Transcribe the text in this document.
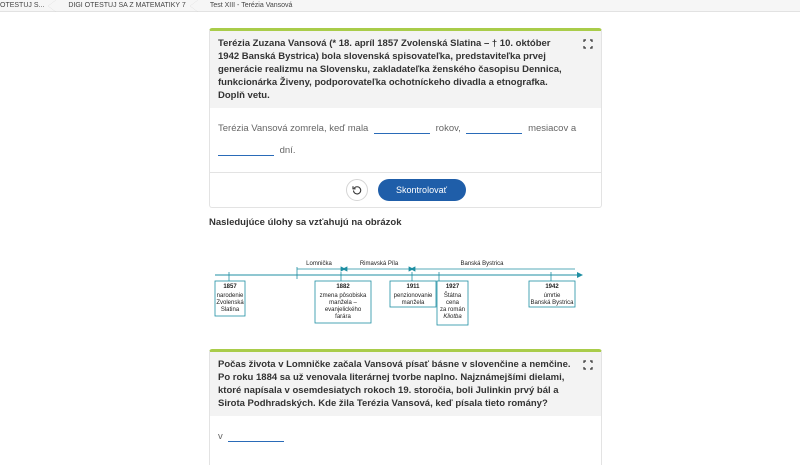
OTESTUJ S...	DIGI OTESTUJ SA Z MATEMATIKY 7	Test XIII - Terézia Vansová
Terézia Zuzana Vansová (* 18. apríl 1857 Zvolenská Slatina – † 10. október 1942 Banská Bystrica) bola slovenská spisovateľka, predstaviteľka prvej generácie realizmu na Slovensku, zakladateľka ženského časopisu Dennica, funkcionárka Živeny, podporovateľka ochotníckeho divadla a etnografka. Doplň vetu.
Terézia Vansová zomrela, keď mala	rokov,	mesiacov a
dní.
Skontrolovať
Nasledujúce úlohy sa vzťahujú na obrázok
Lomnička	Rimavská Píla	Banská Bystrica
1857
narodenie
Zvolenská
Slatina
1882
zmena pôsobiska
manžela –
evanjelického
farára
1911
penzionovanie
manžela
1927
Štátna
cena
za román
Kliotba
1942
úmrtie
Banská Bystrica
Počas života v Lomničke začala Vansová písať básne v slovenčine a nemčine. Po roku 1884 sa už venovala literárnej tvorbe naplno. Najznámejšími dielami, ktoré napísala v osemdesiatych rokoch 19. storočia, boli Julinkin prvý bál a Sirota Podhradských. Kde žila Terézia Vansová, keď písala tieto romány?
v
